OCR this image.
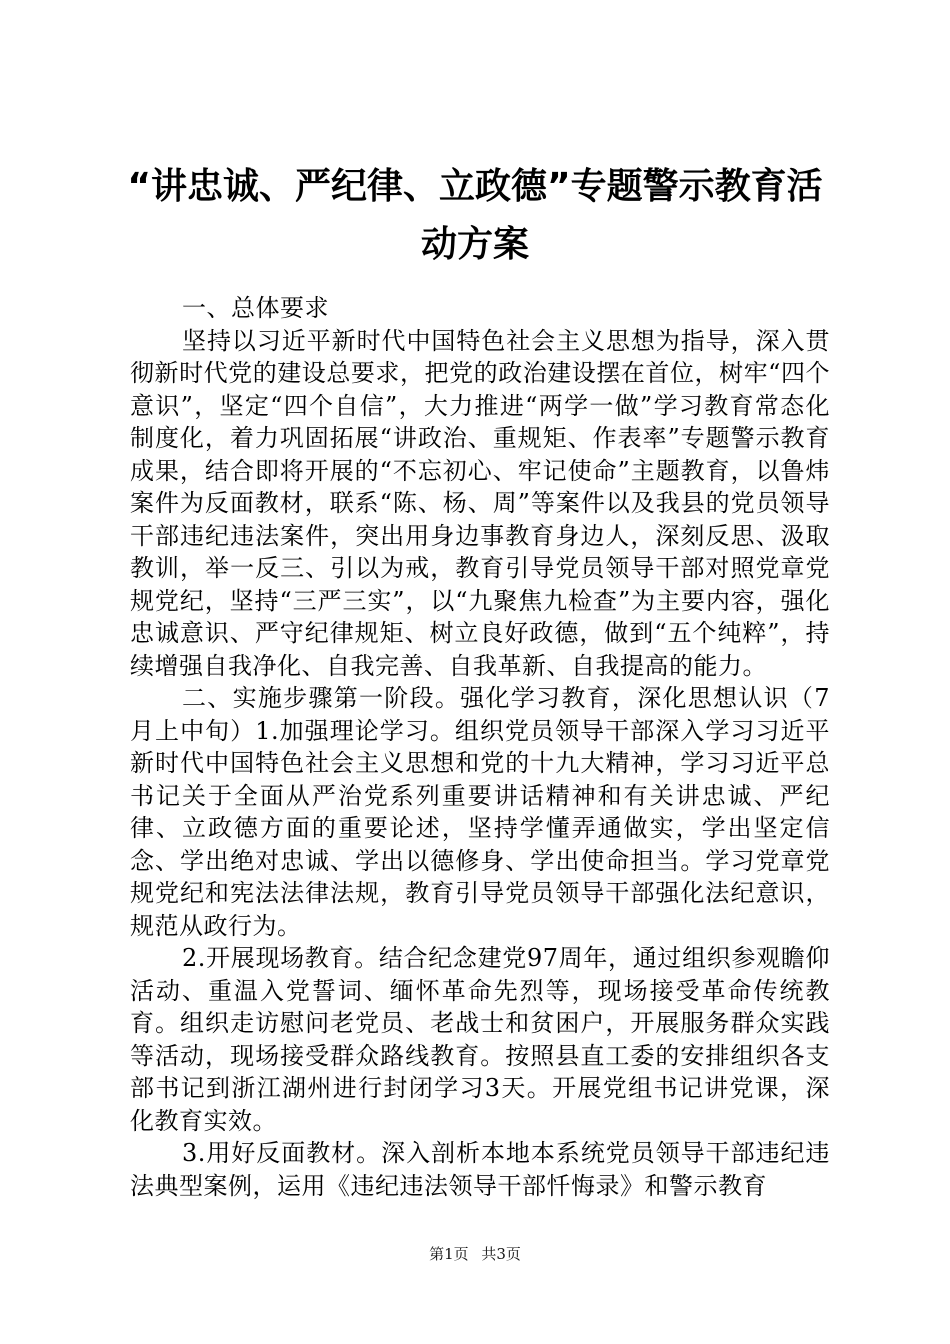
“讲忠诚、严纪律、立政德”专题警示教育活动方案

一、总体要求

坚持以习近平新时代中国特色社会主义思想为指导，深入贯彻新时代党的建设总要求，把党的政治建设摆在首位，树牢“四个意识”，坚定“四个自信”，大力推进“两学一做”学习教育常态化制度化，着力巩固拓展“讲政治、重规矩、作表率”专题警示教育成果，结合即将开展的“不忘初心、牢记使命”主题教育，以鲁炜案件为反面教材，联系“陈、杨、周”等案件以及我县的党员领导干部违纪违法案件，突出用身边事教育身边人，深刻反思、汲取教训，举一反三、引以为戒，教育引导党员领导干部对照党章党规党纪，坚持“三严三实”，以“九聚焦九检查”为主要内容，强化忠诚意识、严守纪律规矩、树立良好政德，做到“五个纯粹”，持续增强自我净化、自我完善、自我革新、自我提高的能力。

二、实施步骤第一阶段。强化学习教育，深化思想认识（7月上中旬）1.加强理论学习。组织党员领导干部深入学习习近平新时代中国特色社会主义思想和党的十九大精神，学习习近平总书记关于全面从严治党系列重要讲话精神和有关讲忠诚、严纪律、立政德方面的重要论述，坚持学懂弄通做实，学出坚定信念、学出绝对忠诚、学出以德修身、学出使命担当。学习党章党规党纪和宪法法律法规，教育引导党员领导干部强化法纪意识，规范从政行为。

2.开展现场教育。结合纪念建党97周年，通过组织参观瞻仰活动、重温入党誓词、缅怀革命先烈等，现场接受革命传统教育。组织走访慰问老党员、老战士和贫困户，开展服务群众实践等活动，现场接受群众路线教育。按照县直工委的安排组织各支部书记到浙江湖州进行封闭学习3天。开展党组书记讲党课，深化教育实效。

3.用好反面教材。深入剖析本地本系统党员领导干部违纪违法典型案例，运用《违纪违法领导干部忏悔录》和警示教育

第1页 共3页
